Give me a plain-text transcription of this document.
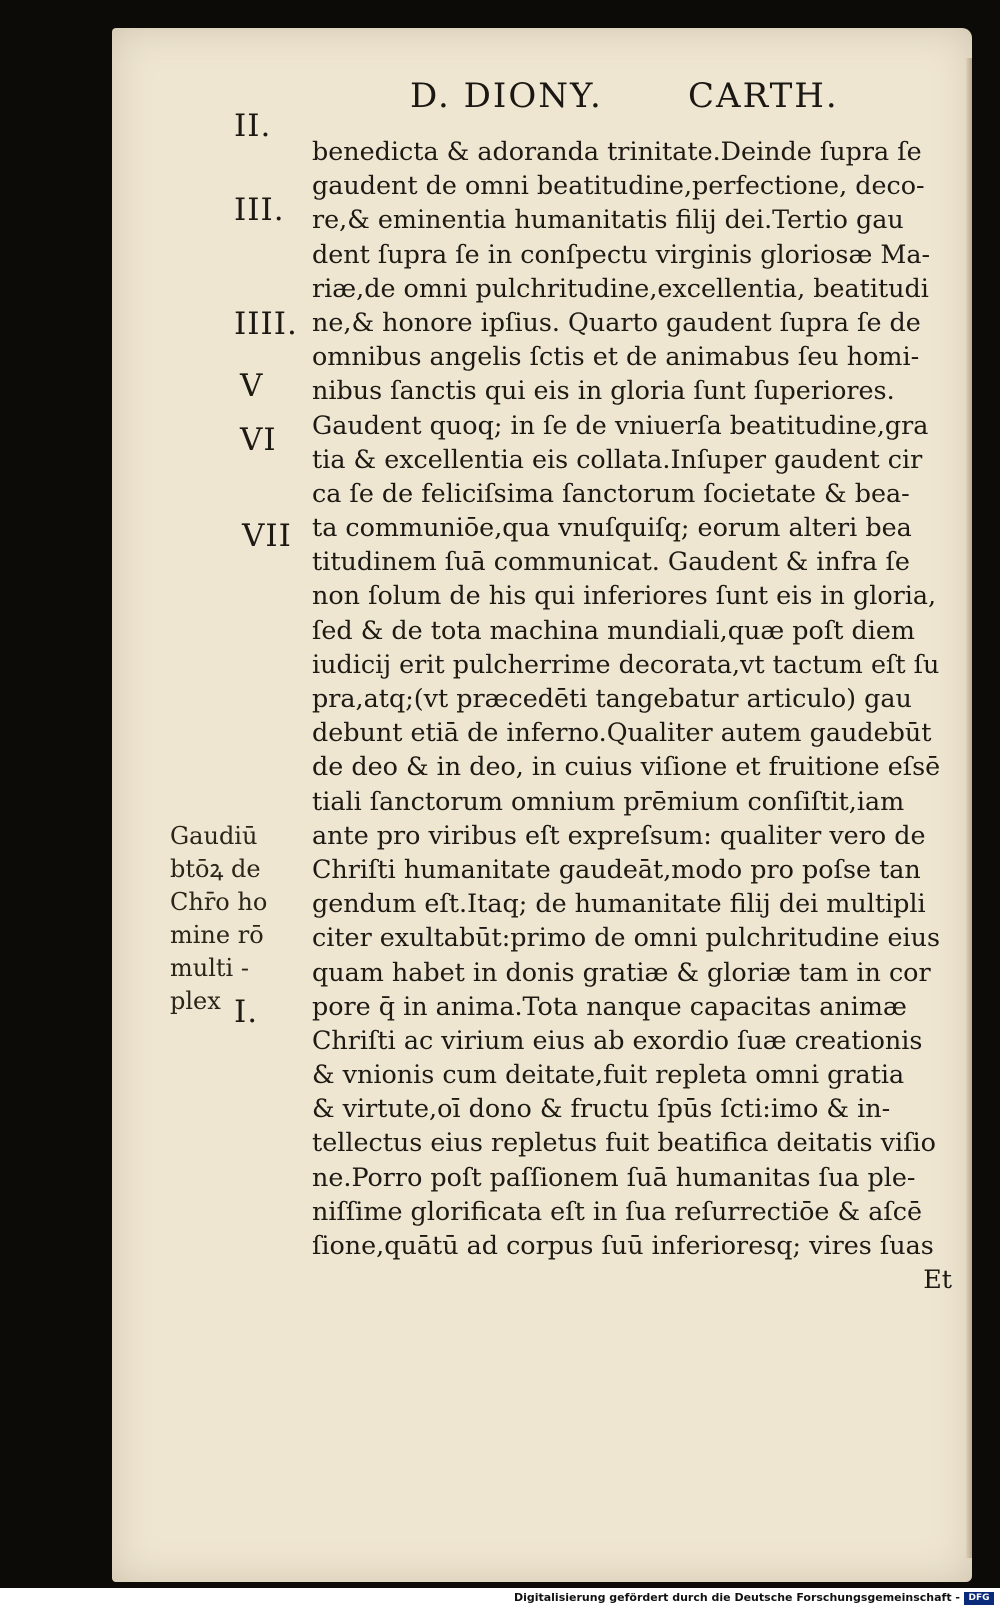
D. DIONY.	CARTH.
II.
III.
IIII.
V
VI
VII
I.
Gaudiū
btōꝝ de
Chr̄o ho
mine rō
multi -
plex
benedicta & adoranda trinitate.Deinde ſupra ſe
gaudent de omni beatitudine,perfectione, deco-
re,& eminentia humanitatis filij dei.Tertio gau
dent ſupra ſe in conſpectu virginis gloriosæ Ma-
riæ,de omni pulchritudine,excellentia, beatitudi
ne,& honore ipſius. Quarto gaudent ſupra ſe de
omnibus angelis ſctis et de animabus ſeu homi-
nibus ſanctis qui eis in gloria ſunt ſuperiores.
Gaudent quoq; in ſe de vniuerſa beatitudine,gra
tia & excellentia eis collata.Inſuper gaudent cir
ca ſe de feliciſsima ſanctorum ſocietate & bea-
ta communiōe,qua vnuſquiſq; eorum alteri bea
titudinem ſuā communicat. Gaudent & infra ſe
non ſolum de his qui inferiores ſunt eis in gloria,
ſed & de tota machina mundiali,quæ poſt diem
iudicij erit pulcherrime decorata,vt tactum eſt ſu
pra,atq;(vt præcedēti tangebatur articulo) gau
debunt etiā de inferno.Qualiter autem gaudebūt
de deo & in deo, in cuius viſione et fruitione eſsē
tiali ſanctorum omnium prēmium conſiſtit,iam
ante pro viribus eſt expreſsum: qualiter vero de
Chriſti humanitate gaudeāt,modo pro poſse tan
gendum eſt.Itaq; de humanitate filij dei multipli
citer exultabūt:primo de omni pulchritudine eius
quam habet in donis gratiæ & gloriæ tam in cor
pore q̄ in anima.Tota nanque capacitas animæ
Chriſti ac virium eius ab exordio ſuæ creationis
& vnionis cum deitate,fuit repleta omni gratia
& virtute,oī dono & fructu ſpūs ſcti:imo & in-
tellectus eius repletus fuit beatifica deitatis viſio
ne.Porro poſt paſſionem ſuā humanitas ſua ple-
niſſime glorificata eſt in ſua reſurrectiōe & aſcē
ſione,quātū ad corpus ſuū inferioresq; vires ſuas
Et
Digitalisierung gefördert durch die Deutsche Forschungsgemeinschaft - DFG
